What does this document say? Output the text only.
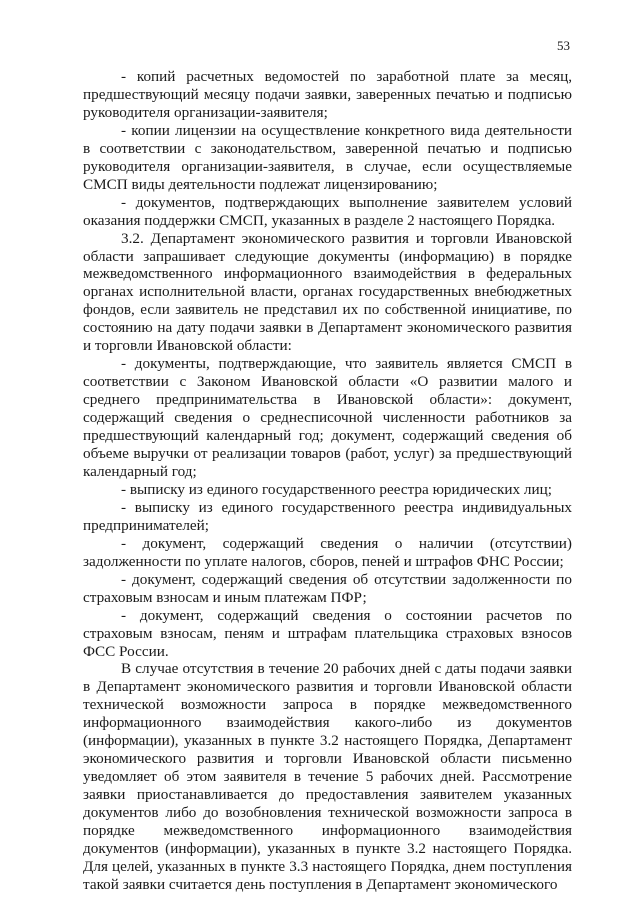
53

- копий расчетных ведомостей по заработной плате за месяц, предшествующий месяцу подачи заявки, заверенных печатью и подписью руководителя организации-заявителя;

- копии лицензии на осуществление конкретного вида деятельности в соответствии с законодательством, заверенной печатью и подписью руководителя организации-заявителя, в случае, если осуществляемые СМСП виды деятельности подлежат лицензированию;

- документов, подтверждающих выполнение заявителем условий оказания поддержки СМСП, указанных в разделе 2 настоящего Порядка.

3.2. Департамент экономического развития и торговли Ивановской области запрашивает следующие документы (информацию) в порядке межведомственного информационного взаимодействия в федеральных органах исполнительной власти, органах государственных внебюджетных фондов, если заявитель не представил их по собственной инициативе, по состоянию на дату подачи заявки в Департамент экономического развития и торговли Ивановской области:

- документы, подтверждающие, что заявитель является СМСП в соответствии с Законом Ивановской области «О развитии малого и среднего предпринимательства в Ивановской области»: документ, содержащий сведения о среднесписочной численности работников за предшествующий календарный год; документ, содержащий сведения об объеме выручки от реализации товаров (работ, услуг) за предшествующий календарный год;

- выписку из единого государственного реестра юридических лиц;

- выписку из единого государственного реестра индивидуальных предпринимателей;

- документ, содержащий сведения о наличии (отсутствии) задолженности по уплате налогов, сборов, пеней и штрафов ФНС России;

- документ, содержащий сведения об отсутствии задолженности по страховым взносам и иным платежам ПФР;

- документ, содержащий сведения о состоянии расчетов по страховым взносам, пеням и штрафам плательщика страховых взносов ФСС России.

В случае отсутствия в течение 20 рабочих дней с даты подачи заявки в Департамент экономического развития и торговли Ивановской области технической возможности запроса в порядке межведомственного информационного взаимодействия какого-либо из документов (информации), указанных в пункте 3.2 настоящего Порядка, Департамент экономического развития и торговли Ивановской области письменно уведомляет об этом заявителя в течение 5 рабочих дней. Рассмотрение заявки приостанавливается до предоставления заявителем указанных документов либо до возобновления технической возможности запроса в порядке межведомственного информационного взаимодействия документов (информации), указанных в пункте 3.2 настоящего Порядка. Для целей, указанных в пункте 3.3 настоящего Порядка, днем поступления такой заявки считается день поступления в Департамент экономического
